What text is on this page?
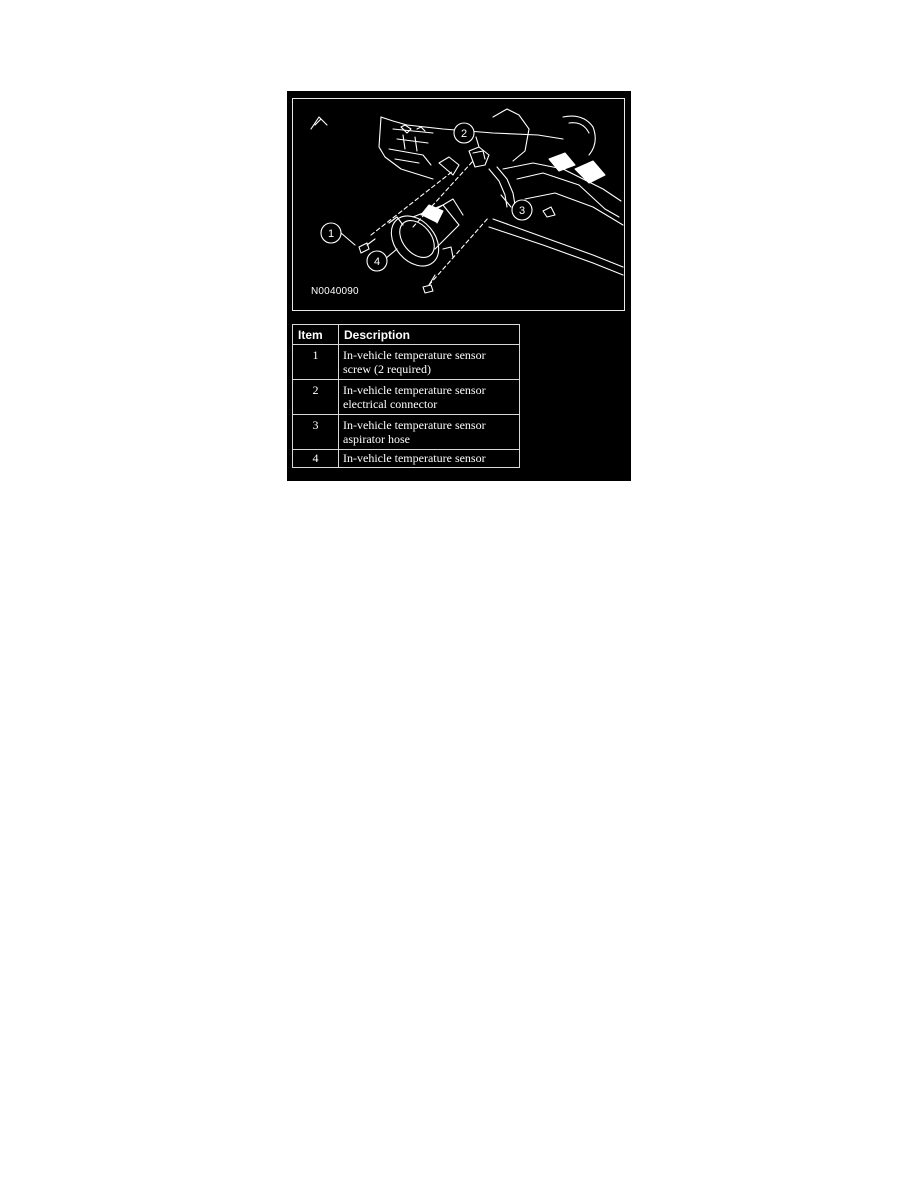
1
2
3
4
N0040090
Item	Description
1	In-vehicle temperature sensor
screw (2 required)
2	In-vehicle temperature sensor
electrical connector
3	In-vehicle temperature sensor
aspirator hose
4	In-vehicle temperature sensor
